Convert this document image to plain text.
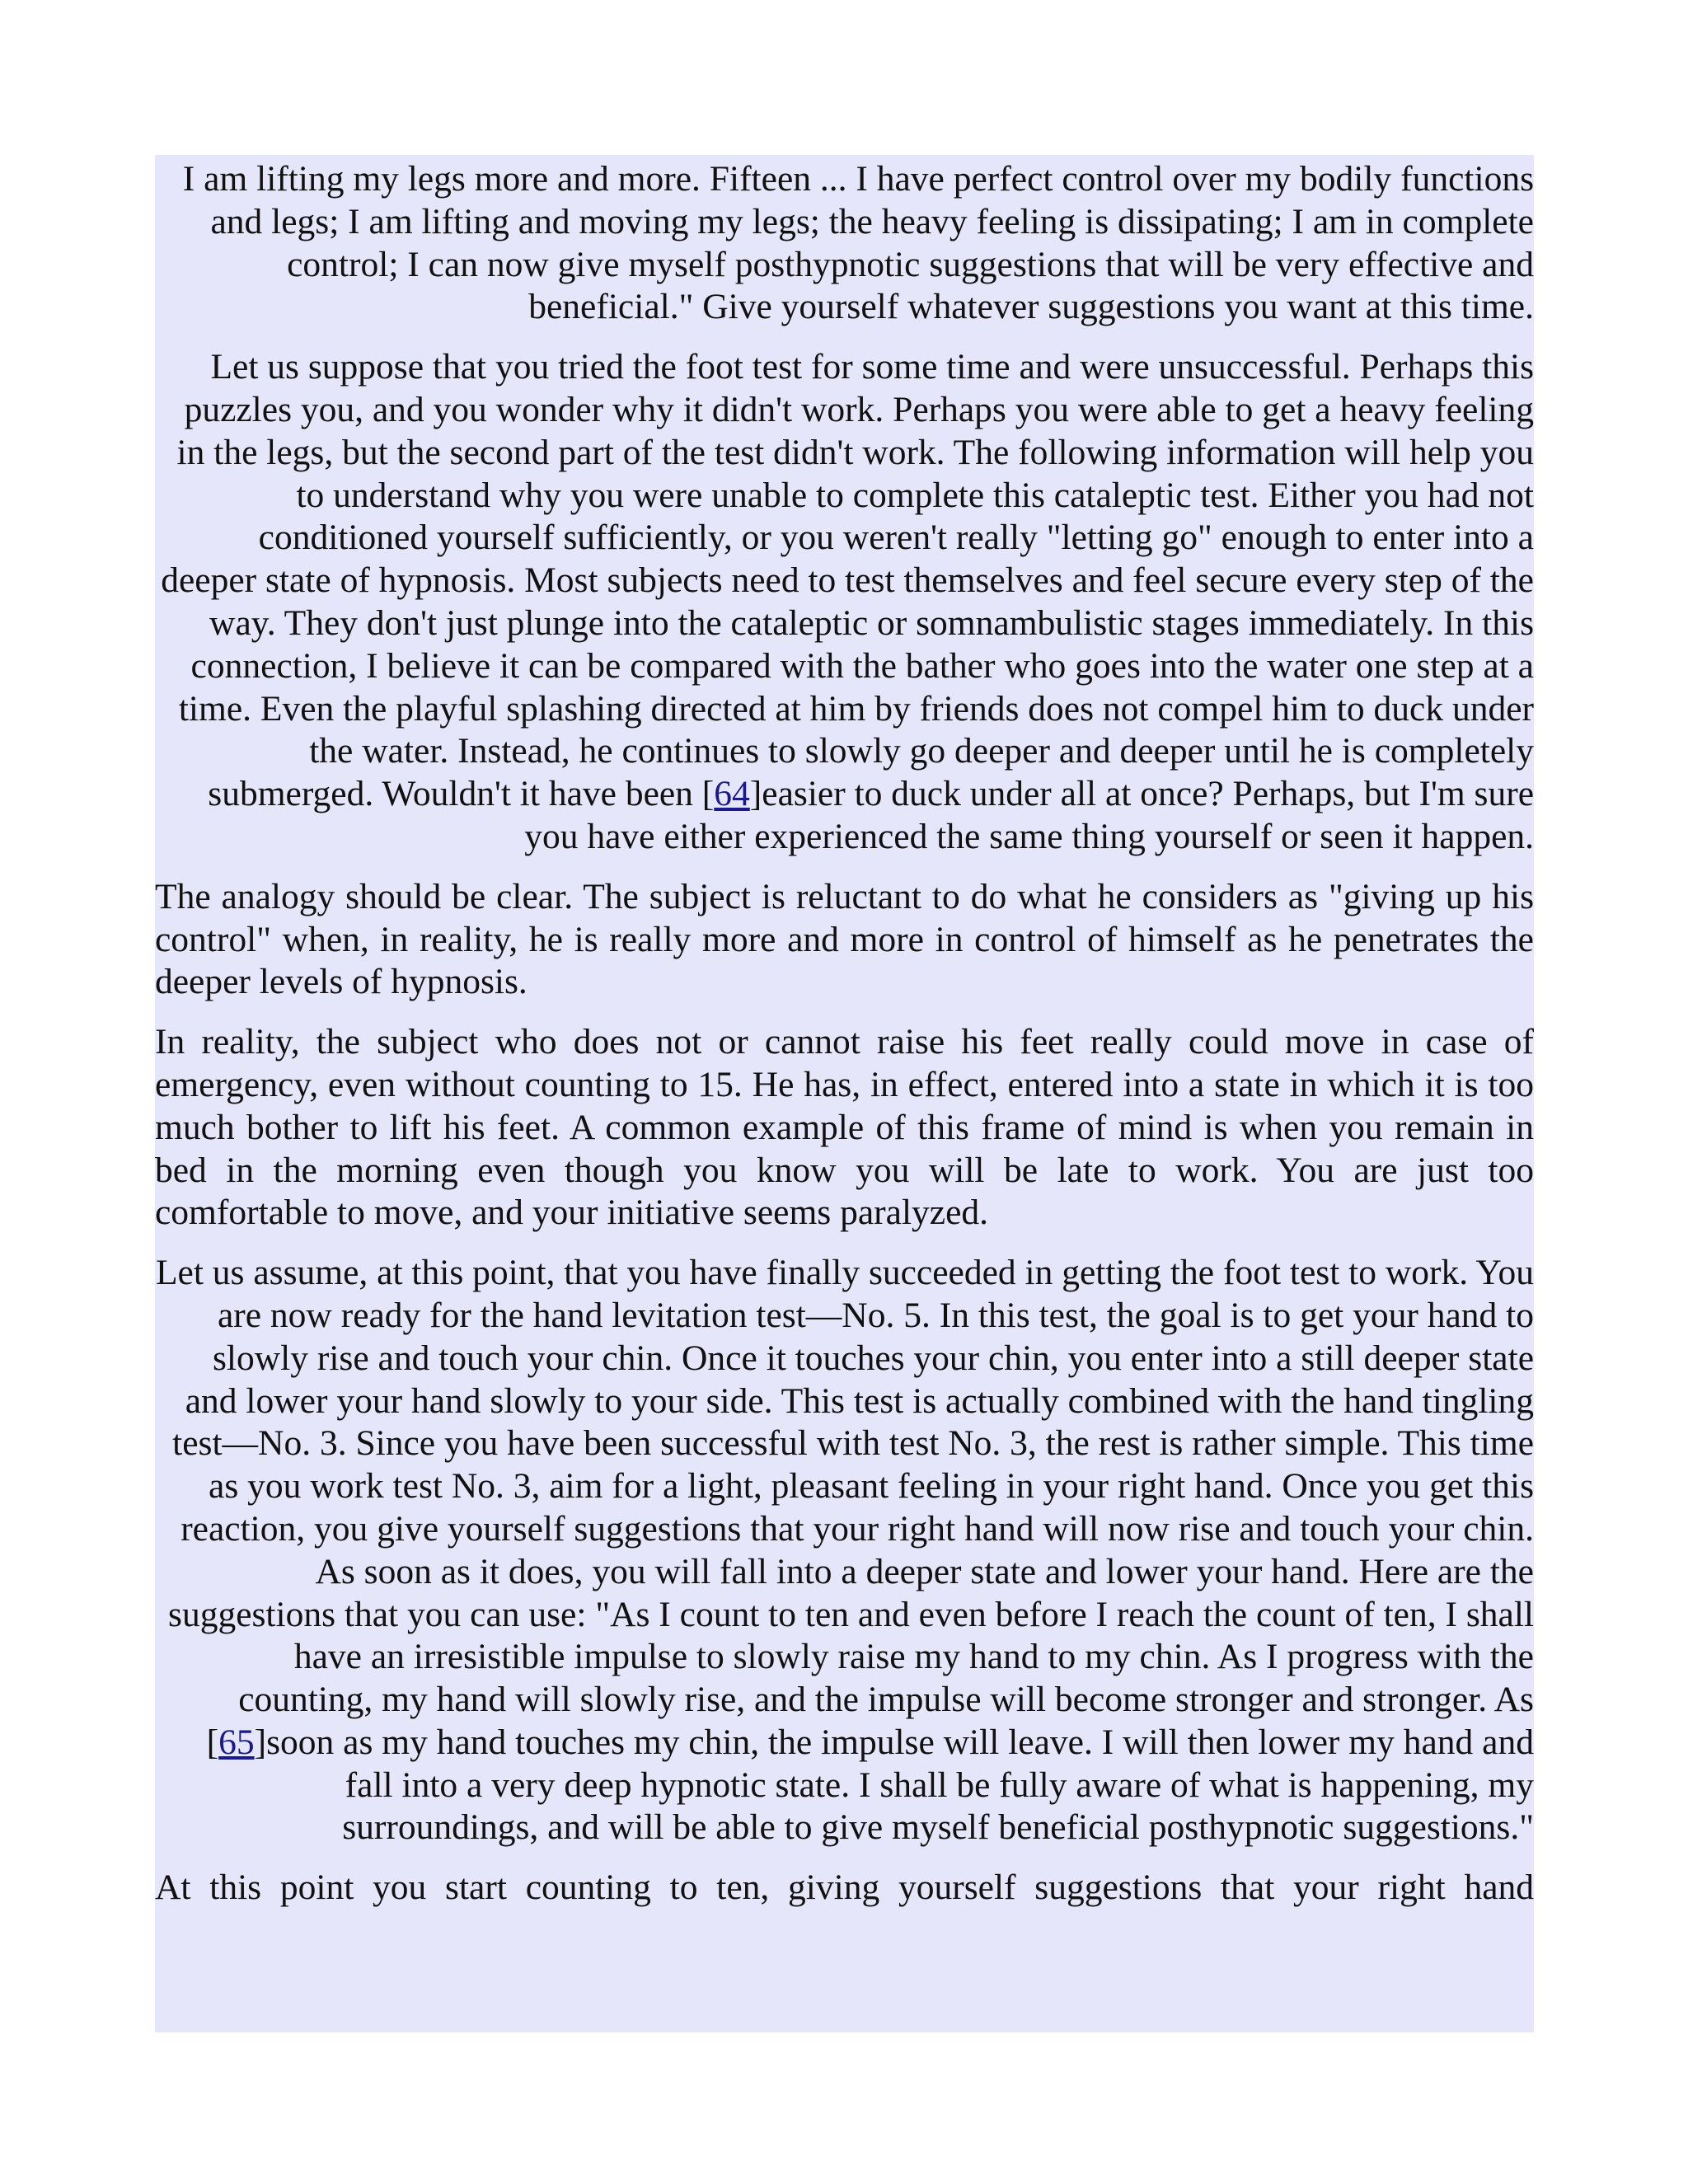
I am lifting my legs more and more. Fifteen ... I have perfect control over my bodily functions and legs; I am lifting and moving my legs; the heavy feeling is dissipating; I am in complete control; I can now give myself posthypnotic suggestions that will be very effective and beneficial." Give yourself whatever suggestions you want at this time.

Let us suppose that you tried the foot test for some time and were unsuccessful. Perhaps this puzzles you, and you wonder why it didn't work. Perhaps you were able to get a heavy feeling in the legs, but the second part of the test didn't work. The following information will help you to understand why you were unable to complete this cataleptic test. Either you had not conditioned yourself sufficiently, or you weren't really "letting go" enough to enter into a deeper state of hypnosis. Most subjects need to test themselves and feel secure every step of the way. They don't just plunge into the cataleptic or somnambulistic stages immediately. In this connection, I believe it can be compared with the bather who goes into the water one step at a time. Even the playful splashing directed at him by friends does not compel him to duck under the water. Instead, he continues to slowly go deeper and deeper until he is completely submerged. Wouldn't it have been [64]easier to duck under all at once? Perhaps, but I'm sure you have either experienced the same thing yourself or seen it happen.

The analogy should be clear. The subject is reluctant to do what he considers as "giving up his control" when, in reality, he is really more and more in control of himself as he penetrates the deeper levels of hypnosis.

In reality, the subject who does not or cannot raise his feet really could move in case of emergency, even without counting to 15. He has, in effect, entered into a state in which it is too much bother to lift his feet. A common example of this frame of mind is when you remain in bed in the morning even though you know you will be late to work. You are just too comfortable to move, and your initiative seems paralyzed.

Let us assume, at this point, that you have finally succeeded in getting the foot test to work. You are now ready for the hand levitation test—No. 5. In this test, the goal is to get your hand to slowly rise and touch your chin. Once it touches your chin, you enter into a still deeper state and lower your hand slowly to your side. This test is actually combined with the hand tingling test—No. 3. Since you have been successful with test No. 3, the rest is rather simple. This time as you work test No. 3, aim for a light, pleasant feeling in your right hand. Once you get this reaction, you give yourself suggestions that your right hand will now rise and touch your chin. As soon as it does, you will fall into a deeper state and lower your hand. Here are the suggestions that you can use: "As I count to ten and even before I reach the count of ten, I shall have an irresistible impulse to slowly raise my hand to my chin. As I progress with the counting, my hand will slowly rise, and the impulse will become stronger and stronger. As [65]soon as my hand touches my chin, the impulse will leave. I will then lower my hand and fall into a very deep hypnotic state. I shall be fully aware of what is happening, my surroundings, and will be able to give myself beneficial posthypnotic suggestions."

At this point you start counting to ten, giving yourself suggestions that your right hand
